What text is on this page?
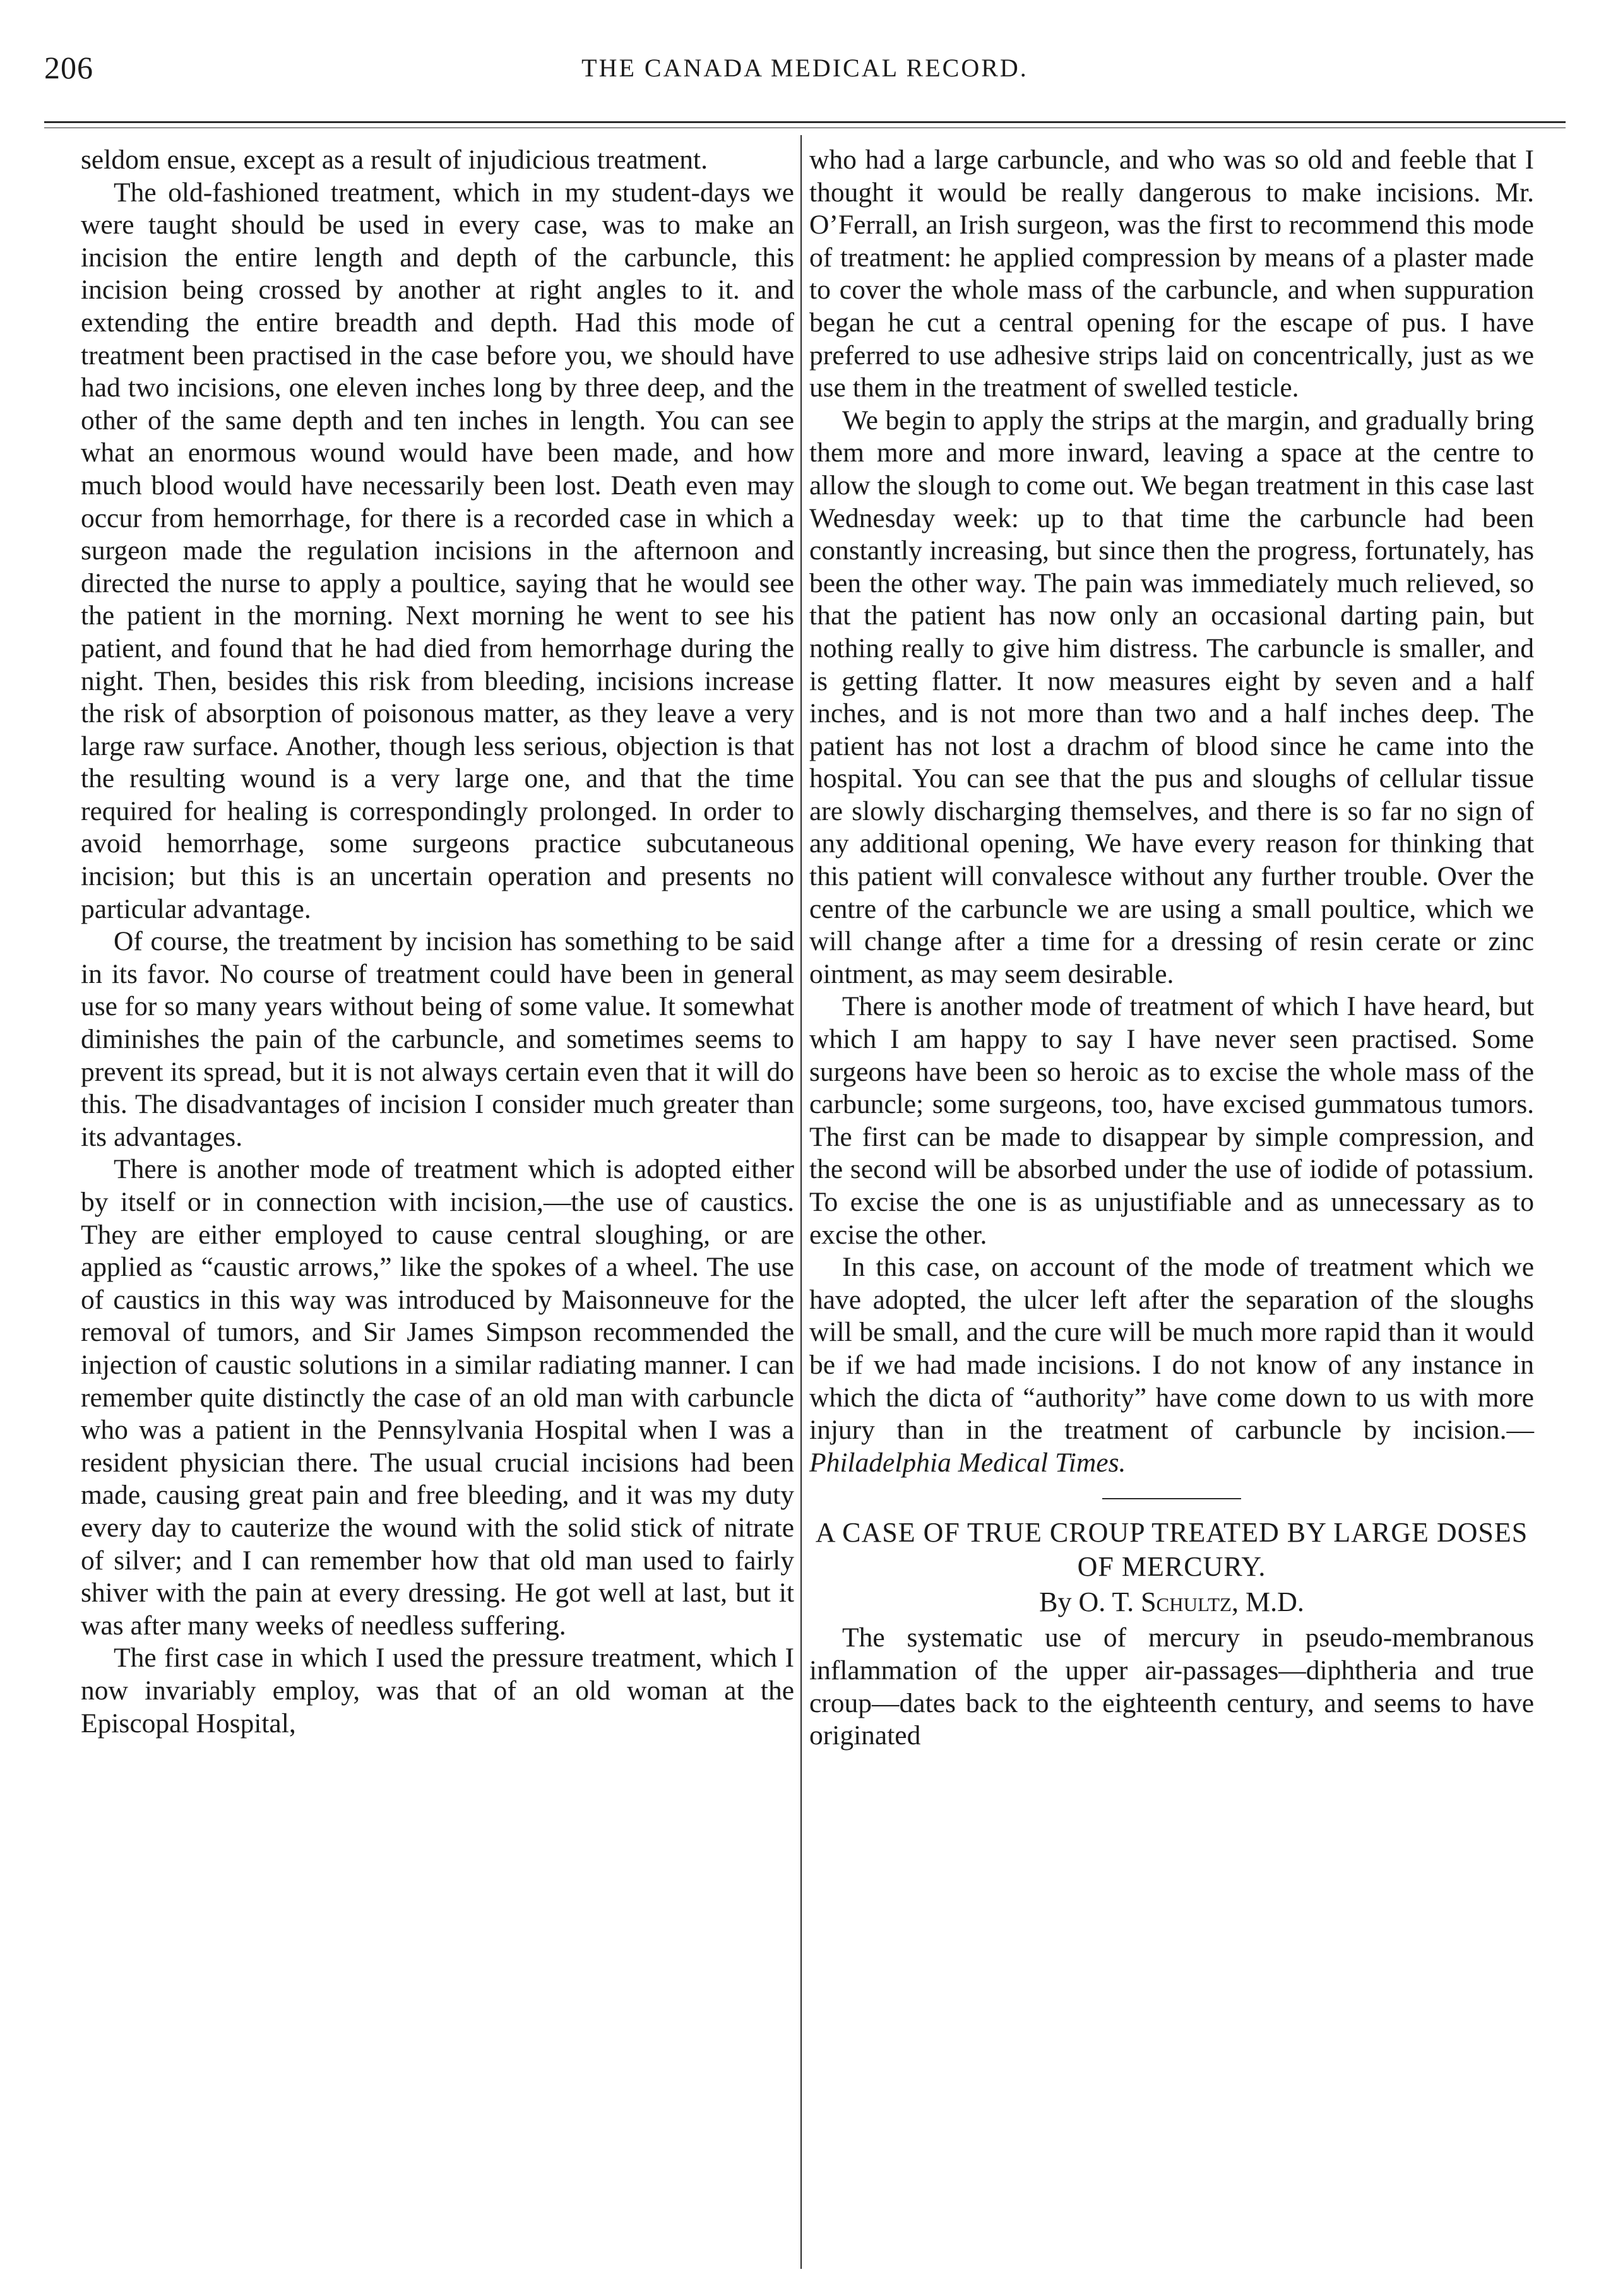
206	THE CANADA MEDICAL RECORD.

seldom ensue, except as a result of injudicious treatment.

The old-fashioned treatment, which in my student-days we were taught should be used in every case, was to make an incision the entire length and depth of the carbuncle, this incision being crossed by another at right angles to it. and extending the entire breadth and depth. Had this mode of treatment been practised in the case before you, we should have had two incisions, one eleven inches long by three deep, and the other of the same depth and ten inches in length. You can see what an enormous wound would have been made, and how much blood would have necessarily been lost. Death even may occur from hemorrhage, for there is a recorded case in which a surgeon made the regulation incisions in the afternoon and directed the nurse to apply a poultice, saying that he would see the patient in the morning. Next morning he went to see his patient, and found that he had died from hemorrhage during the night. Then, besides this risk from bleeding, incisions increase the risk of absorption of poisonous matter, as they leave a very large raw surface. Another, though less serious, objection is that the resulting wound is a very large one, and that the time required for healing is correspondingly prolonged. In order to avoid hemorrhage, some surgeons practice subcutaneous incision; but this is an uncertain operation and presents no particular advantage.

Of course, the treatment by incision has something to be said in its favor. No course of treatment could have been in general use for so many years without being of some value. It somewhat diminishes the pain of the carbuncle, and sometimes seems to prevent its spread, but it is not always certain even that it will do this. The disadvantages of incision I consider much greater than its advantages.

There is another mode of treatment which is adopted either by itself or in connection with incision,—the use of caustics. They are either employed to cause central sloughing, or are applied as “caustic arrows,” like the spokes of a wheel. The use of caustics in this way was introduced by Maisonneuve for the removal of tumors, and Sir James Simpson recommended the injection of caustic solutions in a similar radiating manner. I can remember quite distinctly the case of an old man with carbuncle who was a patient in the Pennsylvania Hospital when I was a resident physician there. The usual crucial incisions had been made, causing great pain and free bleeding, and it was my duty every day to cauterize the wound with the solid stick of nitrate of silver; and I can remember how that old man used to fairly shiver with the pain at every dressing. He got well at last, but it was after many weeks of needless suffering.

The first case in which I used the pressure treatment, which I now invariably employ, was that of an old woman at the Episcopal Hospital,

who had a large carbuncle, and who was so old and feeble that I thought it would be really dangerous to make incisions. Mr. O’Ferrall, an Irish surgeon, was the first to recommend this mode of treatment: he applied compression by means of a plaster made to cover the whole mass of the carbuncle, and when suppuration began he cut a central opening for the escape of pus. I have preferred to use adhesive strips laid on concentrically, just as we use them in the treatment of swelled testicle.

We begin to apply the strips at the margin, and gradually bring them more and more inward, leaving a space at the centre to allow the slough to come out. We began treatment in this case last Wednesday week: up to that time the carbuncle had been constantly increasing, but since then the progress, fortunately, has been the other way. The pain was immediately much relieved, so that the patient has now only an occasional darting pain, but nothing really to give him distress. The carbuncle is smaller, and is getting flatter. It now measures eight by seven and a half inches, and is not more than two and a half inches deep. The patient has not lost a drachm of blood since he came into the hospital. You can see that the pus and sloughs of cellular tissue are slowly discharging themselves, and there is so far no sign of any additional opening, We have every reason for thinking that this patient will convalesce without any further trouble. Over the centre of the carbuncle we are using a small poultice, which we will change after a time for a dressing of resin cerate or zinc ointment, as may seem desirable.

There is another mode of treatment of which I have heard, but which I am happy to say I have never seen practised. Some surgeons have been so heroic as to excise the whole mass of the carbuncle; some surgeons, too, have excised gummatous tumors. The first can be made to disappear by simple compression, and the second will be absorbed under the use of iodide of potassium. To excise the one is as unjustifiable and as unnecessary as to excise the other.

In this case, on account of the mode of treatment which we have adopted, the ulcer left after the separation of the sloughs will be small, and the cure will be much more rapid than it would be if we had made incisions. I do not know of any instance in which the dicta of “authority” have come down to us with more injury than in the treatment of carbuncle by incision.—Philadelphia Medical Times.

A CASE OF TRUE CROUP TREATED BY LARGE DOSES OF MERCURY.
By O. T. Schultz, M.D.

The systematic use of mercury in pseudo-membranous inflammation of the upper air-passages—diphtheria and true croup—dates back to the eighteenth century, and seems to have originated
